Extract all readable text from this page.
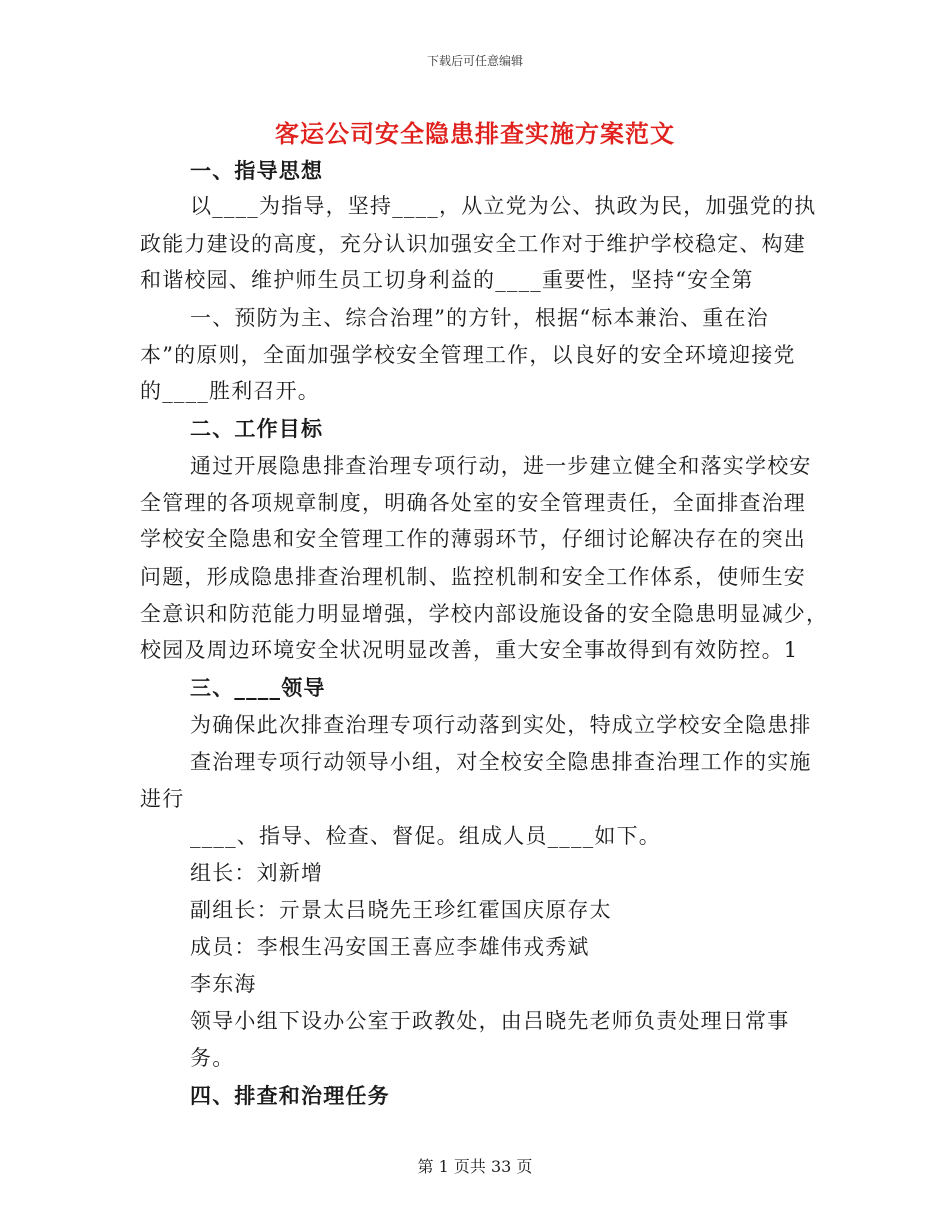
下载后可任意编辑
客运公司安全隐患排查实施方案范文
一、指导思想
以____为指导，坚持____，从立党为公、执政为民，加强党的执
政能力建设的高度，充分认识加强安全工作对于维护学校稳定、构建
和谐校园、维护师生员工切身利益的____重要性，坚持“安全第
一、预防为主、综合治理”的方针，根据“标本兼治、重在治
本”的原则，全面加强学校安全管理工作，以良好的安全环境迎接党
的____胜利召开。
二、工作目标
通过开展隐患排查治理专项行动，进一步建立健全和落实学校安
全管理的各项规章制度，明确各处室的安全管理责任，全面排查治理
学校安全隐患和安全管理工作的薄弱环节，仔细讨论解决存在的突出
问题，形成隐患排查治理机制、监控机制和安全工作体系，使师生安
全意识和防范能力明显增强，学校内部设施设备的安全隐患明显减少，
校园及周边环境安全状况明显改善，重大安全事故得到有效防控。1
三、____领导
为确保此次排查治理专项行动落到实处，特成立学校安全隐患排
查治理专项行动领导小组，对全校安全隐患排查治理工作的实施
进行
____、指导、检查、督促。组成人员____如下。
组长：刘新增
副组长：亓景太吕晓先王珍红霍国庆原存太
成员：李根生冯安国王喜应李雄伟戎秀斌
李东海
领导小组下设办公室于政教处，由吕晓先老师负责处理日常事
务。
四、排查和治理任务
第 1 页共 33 页
